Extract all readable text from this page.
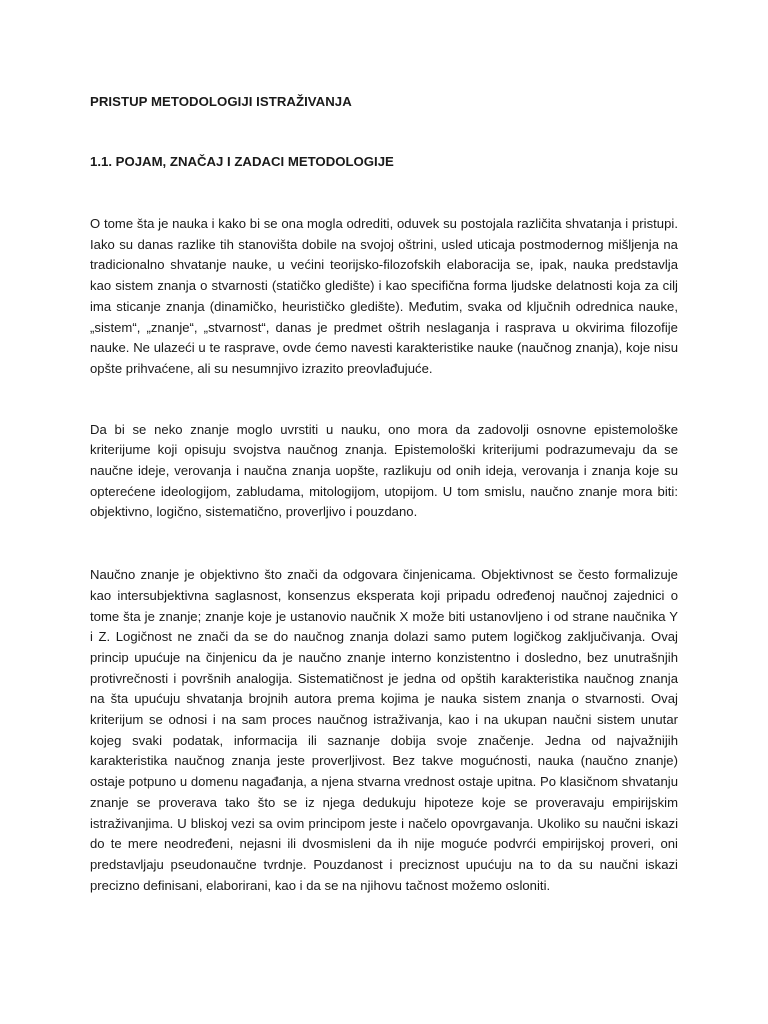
PRISTUP METODOLOGIJI ISTRAŽIVANJA

1.1. POJAM, ZNAČAJ I ZADACI METODOLOGIJE

O tome šta je nauka i kako bi se ona mogla odrediti, oduvek su postojala različita shvatanja i pristupi. Iako su danas razlike tih stanovišta dobile na svojoj oštrini, usled uticaja postmodernog mišljenja na tradicionalno shvatanje nauke, u većini teorijsko-filozofskih elaboracija se, ipak, nauka predstavlja kao sistem znanja o stvarnosti (statičko gledište) i kao specifična forma ljudske delatnosti koja za cilj ima sticanje znanja (dinamičko, heurističko gledište). Međutim, svaka od ključnih odrednica nauke, „sistem“, „znanje“, „stvarnost“, danas je predmet oštrih neslaganja i rasprava u okvirima filozofije nauke. Ne ulazeći u te rasprave, ovde ćemo navesti karakteristike nauke (naučnog znanja), koje nisu opšte prihvaćene, ali su nesumnjivo izrazito preovlađujuće.

Da bi se neko znanje moglo uvrstiti u nauku, ono mora da zadovolji osnovne epistemološke kriterijume koji opisuju svojstva naučnog znanja. Epistemološki kriterijumi podrazumevaju da se naučne ideje, verovanja i naučna znanja uopšte, razlikuju od onih ideja, verovanja i znanja koje su opterećene ideologijom, zabludama, mitologijom, utopijom. U tom smislu, naučno znanje mora biti: objektivno, logično, sistematično, proverljivo i pouzdano.

Naučno znanje je objektivno što znači da odgovara činjenicama. Objektivnost se često formalizuje kao intersubjektivna saglasnost, konsenzus eksperata koji pripadu određenoj naučnoj zajednici o tome šta je znanje; znanje koje je ustanovio naučnik X može biti ustanovljeno i od strane naučnika Y i Z. Logičnost ne znači da se do naučnog znanja dolazi samo putem logičkog zaključivanja. Ovaj princip upućuje na činjenicu da je naučno znanje interno konzistentno i dosledno, bez unutrašnjih protivrečnosti i površnih analogija. Sistematičnost je jedna od opštih karakteristika naučnog znanja na šta upućuju shvatanja brojnih autora prema kojima je nauka sistem znanja o stvarnosti. Ovaj kriterijum se odnosi i na sam proces naučnog istraživanja, kao i na ukupan naučni sistem unutar kojeg svaki podatak, informacija ili saznanje dobija svoje značenje. Jedna od najvažnijih karakteristika naučnog znanja jeste proverljivost. Bez takve mogućnosti, nauka (naučno znanje) ostaje potpuno u domenu nagađanja, a njena stvarna vrednost ostaje upitna. Po klasičnom shvatanju znanje se proverava tako što se iz njega dedukuju hipoteze koje se proveravaju empirijskim istraživanjima. U bliskoj vezi sa ovim principom jeste i načelo opovrgavanja. Ukoliko su naučni iskazi do te mere neodređeni, nejasni ili dvosmisleni da ih nije moguće podvrći empirijskoj proveri, oni predstavljaju pseudonaučne tvrdnje. Pouzdanost i preciznost upućuju na to da su naučni iskazi precizno definisani, elaborirani, kao i da se na njihovu tačnost možemo osloniti.
